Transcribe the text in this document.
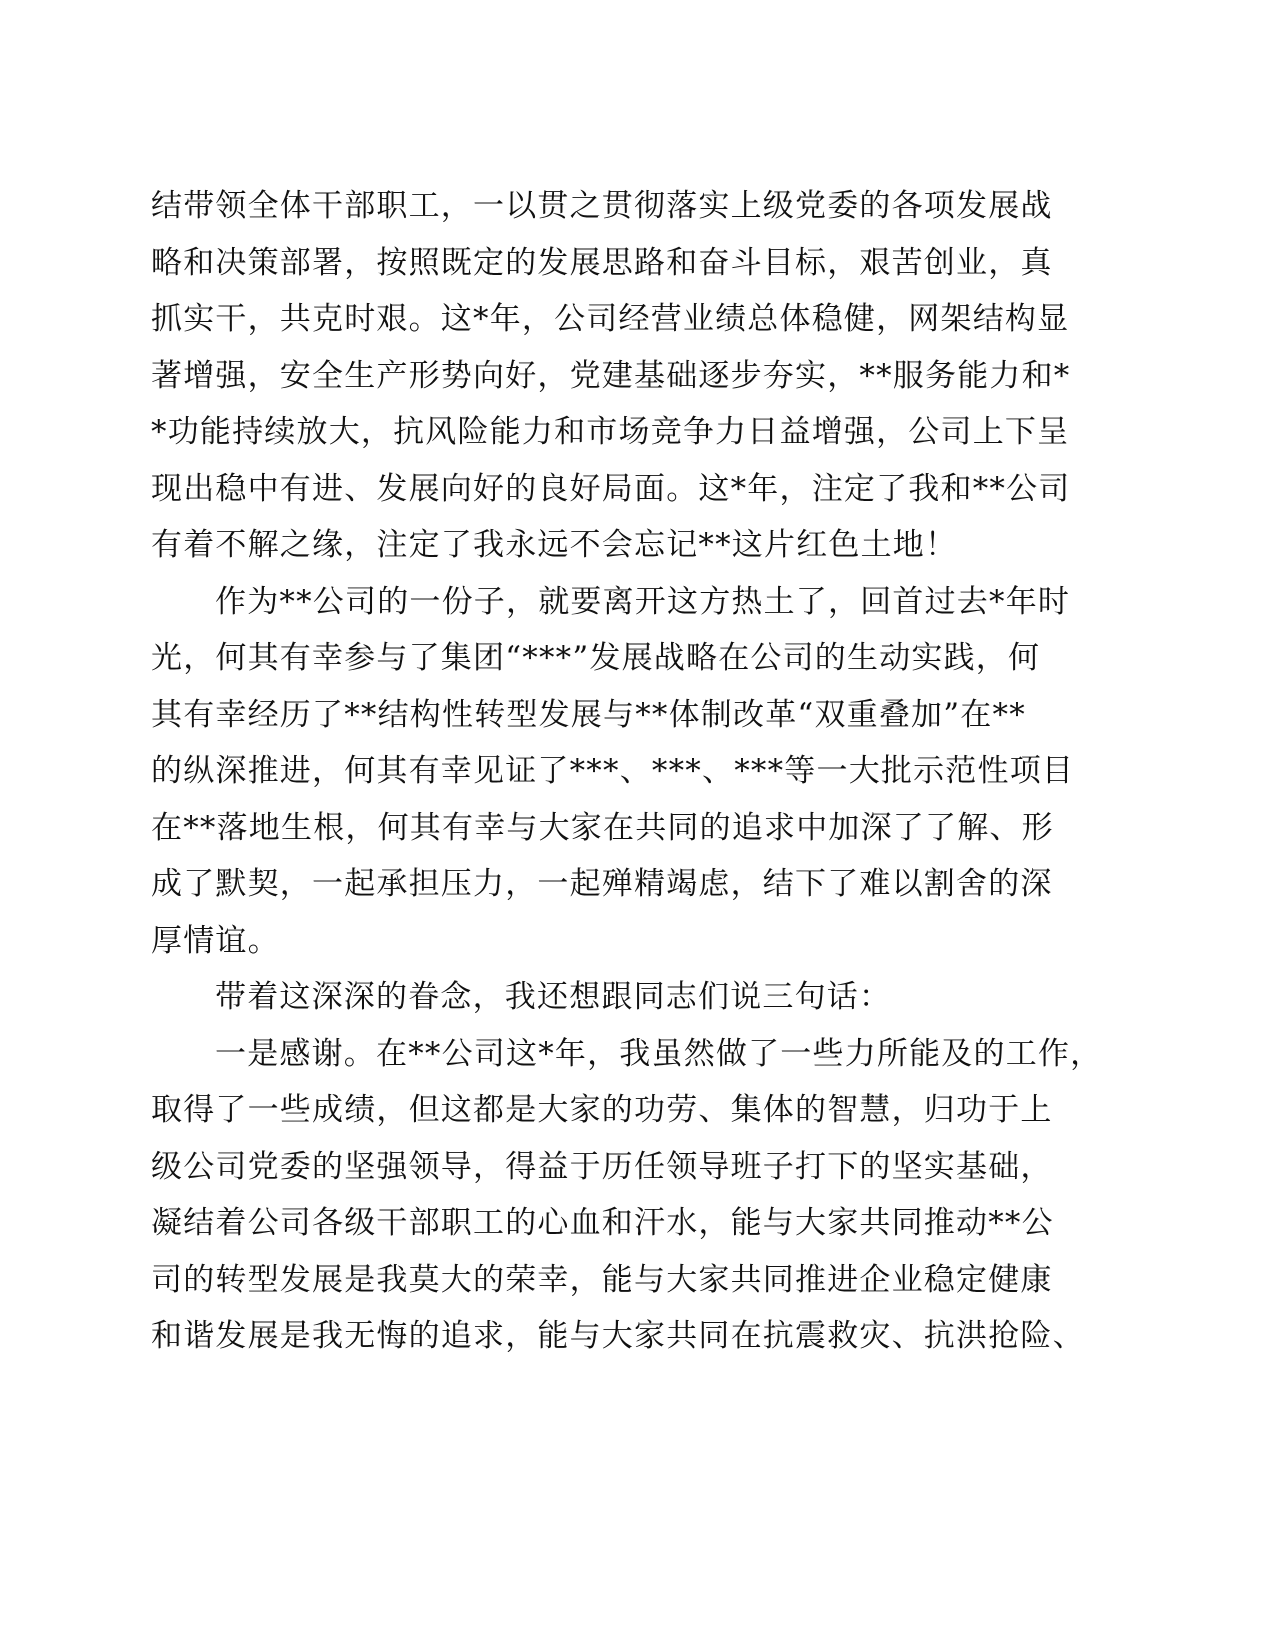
结带领全体干部职工，一以贯之贯彻落实上级党委的各项发展战
略和决策部署，按照既定的发展思路和奋斗目标，艰苦创业，真
抓实干，共克时艰。这*年，公司经营业绩总体稳健，网架结构显
著增强，安全生产形势向好，党建基础逐步夯实，**服务能力和*
*功能持续放大，抗风险能力和市场竞争力日益增强，公司上下呈
现出稳中有进、发展向好的良好局面。这*年，注定了我和**公司
有着不解之缘，注定了我永远不会忘记**这片红色土地！
作为**公司的一份子，就要离开这方热土了，回首过去*年时
光，何其有幸参与了集团“***”发展战略在公司的生动实践，何
其有幸经历了**结构性转型发展与**体制改革“双重叠加”在**
的纵深推进，何其有幸见证了***、***、***等一大批示范性项目
在**落地生根，何其有幸与大家在共同的追求中加深了了解、形
成了默契，一起承担压力，一起殚精竭虑，结下了难以割舍的深
厚情谊。
带着这深深的眷念，我还想跟同志们说三句话：
一是感谢。在**公司这*年，我虽然做了一些力所能及的工作，
取得了一些成绩，但这都是大家的功劳、集体的智慧，归功于上
级公司党委的坚强领导，得益于历任领导班子打下的坚实基础，
凝结着公司各级干部职工的心血和汗水，能与大家共同推动**公
司的转型发展是我莫大的荣幸，能与大家共同推进企业稳定健康
和谐发展是我无悔的追求，能与大家共同在抗震救灾、抗洪抢险、
